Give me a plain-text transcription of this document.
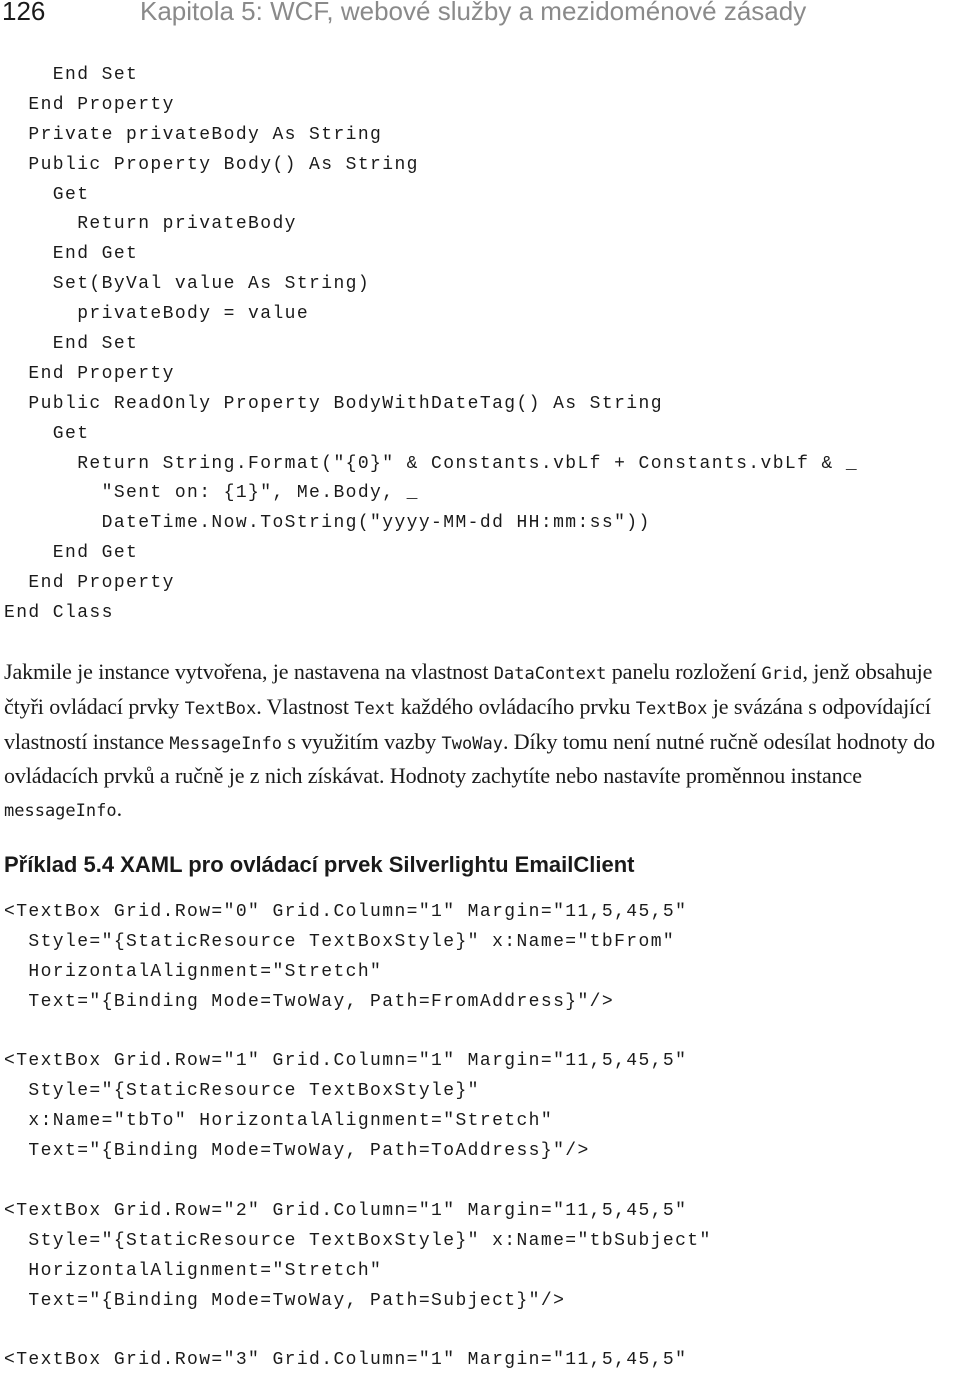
126	Kapitola 5: WCF, webové služby a mezidoménové zásady
End Set
End Property
Private privateBody As String
Public Property Body() As String
Get
Return privateBody
End Get
Set(ByVal value As String)
privateBody = value
End Set
End Property
Public ReadOnly Property BodyWithDateTag() As String
Get
Return String.Format("{0}" & Constants.vbLf + Constants.vbLf & _
"Sent on: {1}", Me.Body, _
DateTime.Now.ToString("yyyy-MM-dd HH:mm:ss"))
End Get
End Property
End Class

Jakmile je instance vytvořena, je nastavena na vlastnost DataContext panelu rozložení Grid, jenž obsahuje čtyři ovládací prvky TextBox. Vlastnost Text každého ovládacího prvku TextBox je svázána s odpovídající vlastností instance MessageInfo s využitím vazby TwoWay. Díky tomu není nutné ručně odesílat hodnoty do ovládacích prvků a ručně je z nich získávat. Hodnoty zachytíte nebo nastavíte proměnnou instance messageInfo.

Příklad 5.4 XAML pro ovládací prvek Silverlightu EmailClient
<TextBox Grid.Row="0" Grid.Column="1" Margin="11,5,45,5"
Style="{StaticResource TextBoxStyle}" x:Name="tbFrom"
HorizontalAlignment="Stretch"
Text="{Binding Mode=TwoWay, Path=FromAddress}"/>
<TextBox Grid.Row="1" Grid.Column="1" Margin="11,5,45,5"
Style="{StaticResource TextBoxStyle}"
x:Name="tbTo" HorizontalAlignment="Stretch"
Text="{Binding Mode=TwoWay, Path=ToAddress}"/>
<TextBox Grid.Row="2" Grid.Column="1" Margin="11,5,45,5"
Style="{StaticResource TextBoxStyle}" x:Name="tbSubject"
HorizontalAlignment="Stretch"
Text="{Binding Mode=TwoWay, Path=Subject}"/>
<TextBox Grid.Row="3" Grid.Column="1" Margin="11,5,45,5"
